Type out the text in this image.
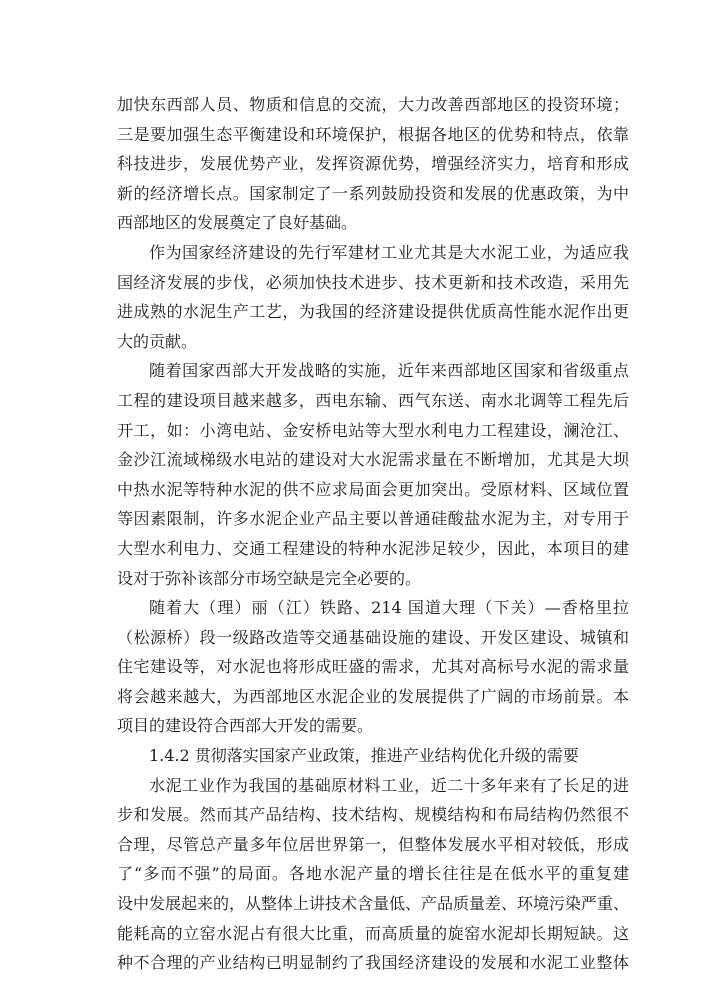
加快东西部人员、物质和信息的交流，大力改善西部地区的投资环境；
三是要加强生态平衡建设和环境保护，根据各地区的优势和特点，依靠
科技进步，发展优势产业，发挥资源优势，增强经济实力，培育和形成
新的经济增长点。国家制定了一系列鼓励投资和发展的优惠政策，为中
西部地区的发展奠定了良好基础。
作为国家经济建设的先行军建材工业尤其是大水泥工业，为适应我
国经济发展的步伐，必须加快技术进步、技术更新和技术改造，采用先
进成熟的水泥生产工艺，为我国的经济建设提供优质高性能水泥作出更
大的贡献。
随着国家西部大开发战略的实施，近年来西部地区国家和省级重点
工程的建设项目越来越多，西电东输、西气东送、南水北调等工程先后
开工，如：小湾电站、金安桥电站等大型水利电力工程建设，澜沧江、
金沙江流域梯级水电站的建设对大水泥需求量在不断增加，尤其是大坝
中热水泥等特种水泥的供不应求局面会更加突出。受原材料、区域位置
等因素限制，许多水泥企业产品主要以普通硅酸盐水泥为主，对专用于
大型水利电力、交通工程建设的特种水泥涉足较少，因此，本项目的建
设对于弥补该部分市场空缺是完全必要的。
随着大（理）丽（江）铁路、214 国道大理（下关）—香格里拉
（松源桥）段一级路改造等交通基础设施的建设、开发区建设、城镇和
住宅建设等，对水泥也将形成旺盛的需求，尤其对高标号水泥的需求量
将会越来越大，为西部地区水泥企业的发展提供了广阔的市场前景。本
项目的建设符合西部大开发的需要。
1.4.2 贯彻落实国家产业政策，推进产业结构优化升级的需要
水泥工业作为我国的基础原材料工业，近二十多年来有了长足的进
步和发展。然而其产品结构、技术结构、规模结构和布局结构仍然很不
合理，尽管总产量多年位居世界第一，但整体发展水平相对较低，形成
了“多而不强”的局面。各地水泥产量的增长往往是在低水平的重复建
设中发展起来的，从整体上讲技术含量低、产品质量差、环境污染严重、
能耗高的立窑水泥占有很大比重，而高质量的旋窑水泥却长期短缺。这
种不合理的产业结构已明显制约了我国经济建设的发展和水泥工业整体
